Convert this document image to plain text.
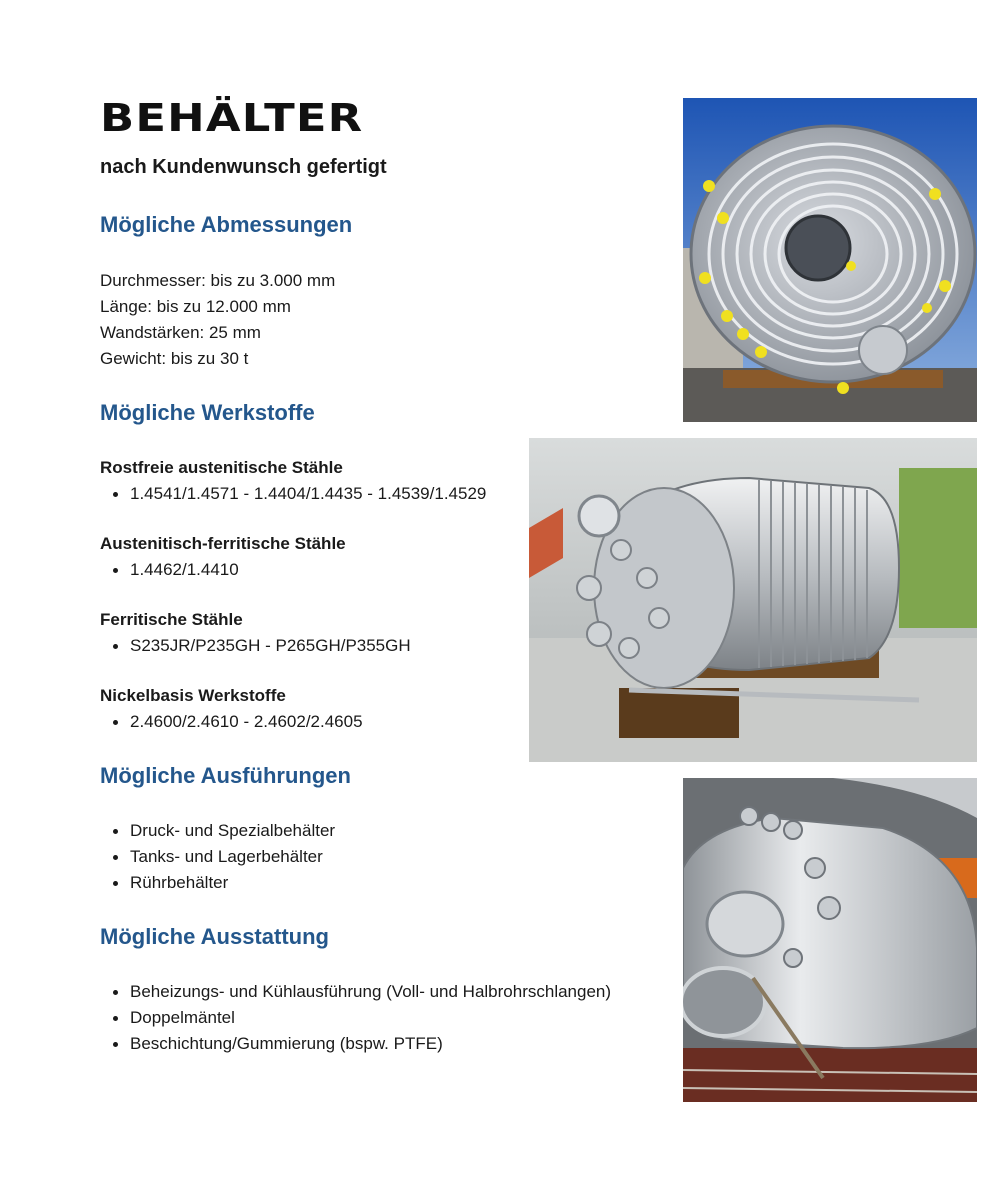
BEHÄLTER

nach Kundenwunsch gefertigt

Mögliche Abmessungen
Durchmesser: bis zu 3.000 mm
Länge: bis zu 12.000 mm
Wandstärken: 25 mm
Gewicht: bis zu 30 t
Mögliche Werkstoffe

Rostfreie austenitische Stähle

1.4541/1.4571 - 1.4404/1.4435 - 1.4539/1.4529

Austenitisch-ferritische Stähle

1.4462/1.4410

Ferritische Stähle

S235JR/P235GH - P265GH/P355GH

Nickelbasis Werkstoffe

2.4600/2.4610 - 2.4602/2.4605
Mögliche Ausführungen
Druck- und Spezialbehälter
Tanks- und Lagerbehälter
Rührbehälter
Mögliche Ausstattung
Beheizungs- und Kühlausführung (Voll- und Halbrohrschlangen)
Doppelmäntel
Beschichtung/Gummierung (bspw. PTFE)
